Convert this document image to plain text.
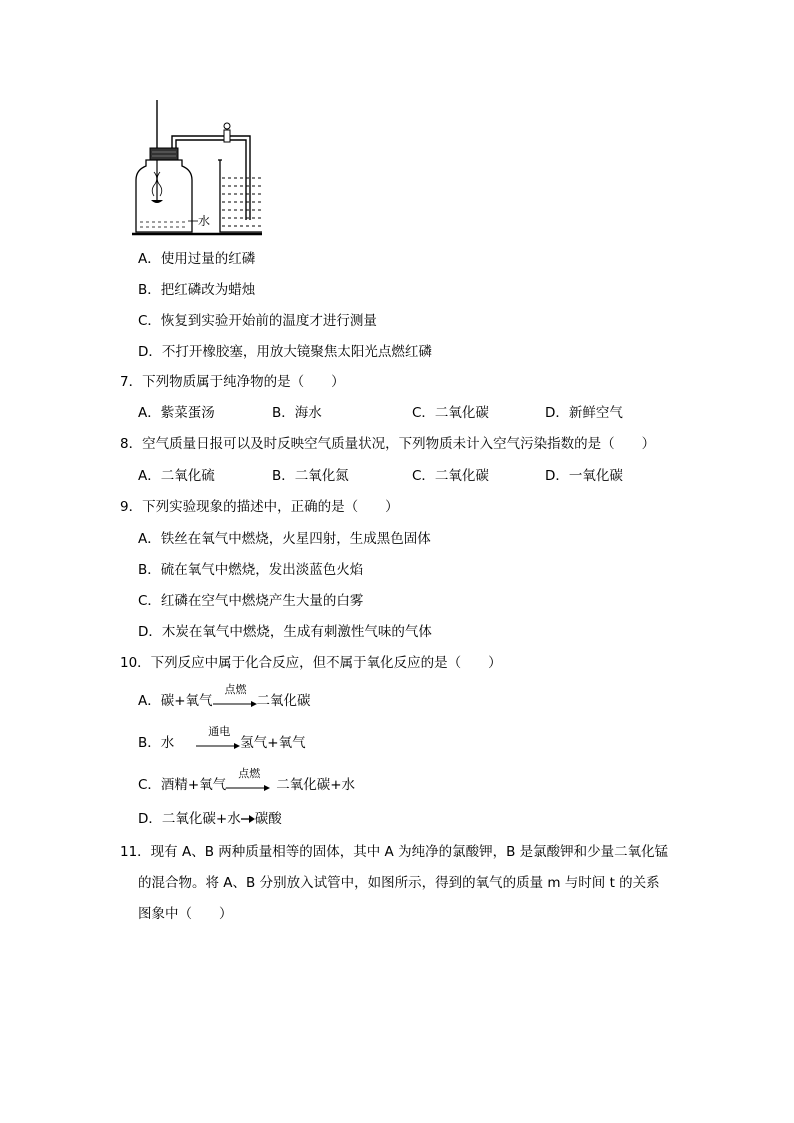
水
A．使用过量的红磷
B．把红磷改为蜡烛
C．恢复到实验开始前的温度才进行测量
D．不打开橡胶塞，用放大镜聚焦太阳光点燃红磷
7．下列物质属于纯净物的是（　　）
A．紫菜蛋汤	B．海水	C．二氧化碳	D．新鲜空气
8．空气质量日报可以及时反映空气质量状况，下列物质未计入空气污染指数的是（　　）
A．二氧化硫	B．二氧化氮	C．二氧化碳	D．一氧化碳
9．下列实验现象的描述中，正确的是（　　）
A．铁丝在氧气中燃烧，火星四射，生成黑色固体
B．硫在氧气中燃烧，发出淡蓝色火焰
C．红磷在空气中燃烧产生大量的白雾
D．木炭在氧气中燃烧，生成有刺激性气味的气体
10．下列反应中属于化合反应，但不属于氧化反应的是（　　）
A．碳+氧气
点燃
二氧化碳
B．水
通电
氢气+氧气
C．酒精+氧气
点燃
二氧化碳+水
D．二氧化碳+水 碳酸
11．现有 A、B 两种质量相等的固体，其中 A 为纯净的氯酸钾，B 是氯酸钾和少量二氧化锰
的混合物。将 A、B 分别放入试管中，如图所示，得到的氧气的质量 m 与时间 t 的关系
图象中（　　）
